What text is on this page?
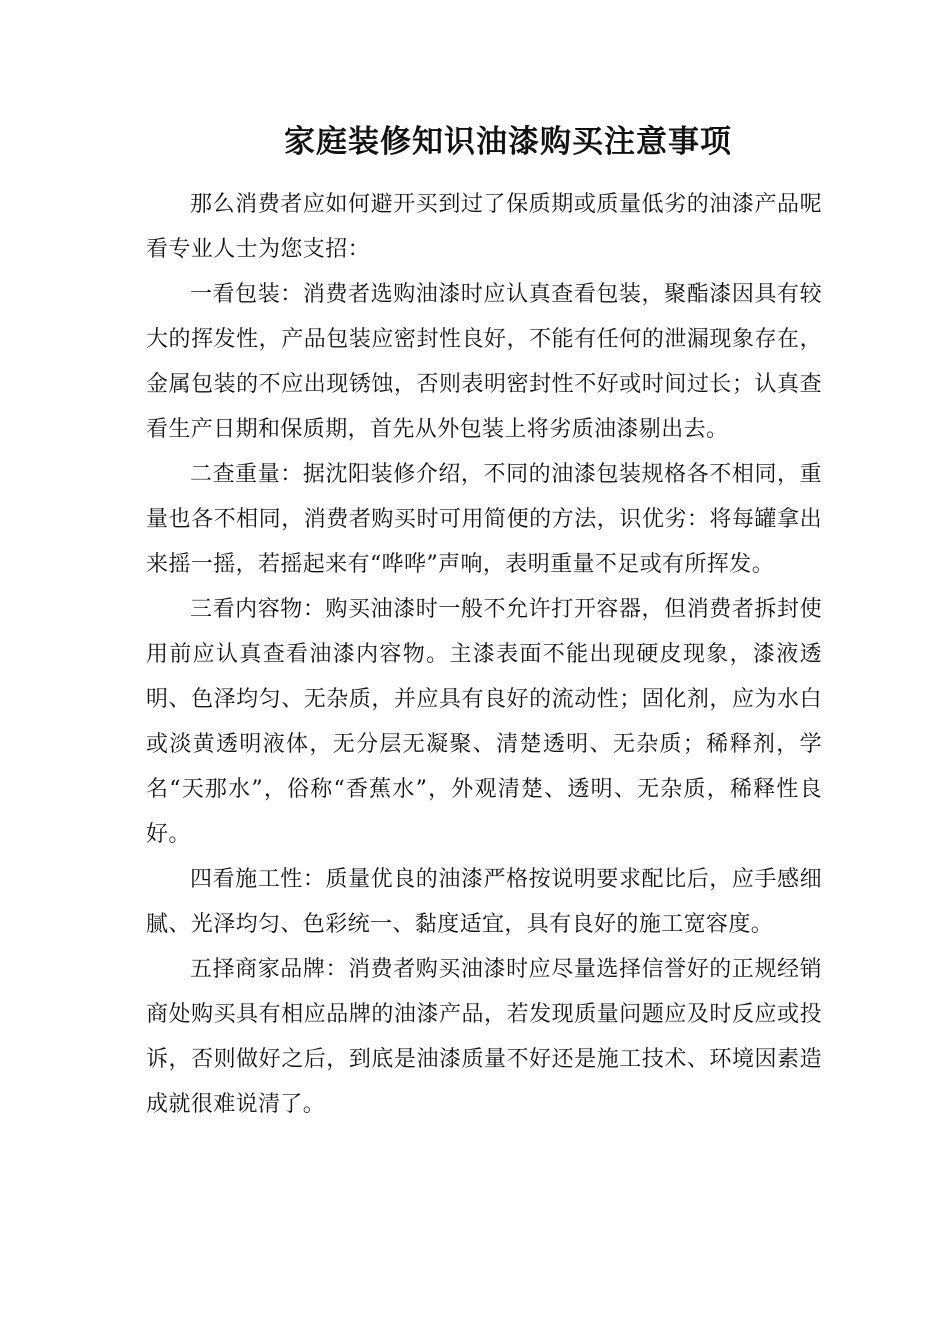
家庭装修知识油漆购买注意事项

那么消费者应如何避开买到过了保质期或质量低劣的油漆产品呢看专业人士为您支招：

一看包装：消费者选购油漆时应认真查看包装，聚酯漆因具有较大的挥发性，产品包装应密封性良好，不能有任何的泄漏现象存在，金属包装的不应出现锈蚀，否则表明密封性不好或时间过长；认真查看生产日期和保质期，首先从外包装上将劣质油漆剔出去。

二查重量：据沈阳装修介绍，不同的油漆包装规格各不相同，重量也各不相同，消费者购买时可用简便的方法，识优劣：将每罐拿出来摇一摇，若摇起来有“哗哗”声响，表明重量不足或有所挥发。

三看内容物：购买油漆时一般不允许打开容器，但消费者拆封使用前应认真查看油漆内容物。主漆表面不能出现硬皮现象，漆液透明、色泽均匀、无杂质，并应具有良好的流动性；固化剂，应为水白或淡黄透明液体，无分层无凝聚、清楚透明、无杂质；稀释剂，学名“天那水”，俗称“香蕉水”，外观清楚、透明、无杂质，稀释性良好。

四看施工性：质量优良的油漆严格按说明要求配比后，应手感细腻、光泽均匀、色彩统一、黏度适宜，具有良好的施工宽容度。

五择商家品牌：消费者购买油漆时应尽量选择信誉好的正规经销商处购买具有相应品牌的油漆产品，若发现质量问题应及时反应或投诉，否则做好之后，到底是油漆质量不好还是施工技术、环境因素造成就很难说清了。
